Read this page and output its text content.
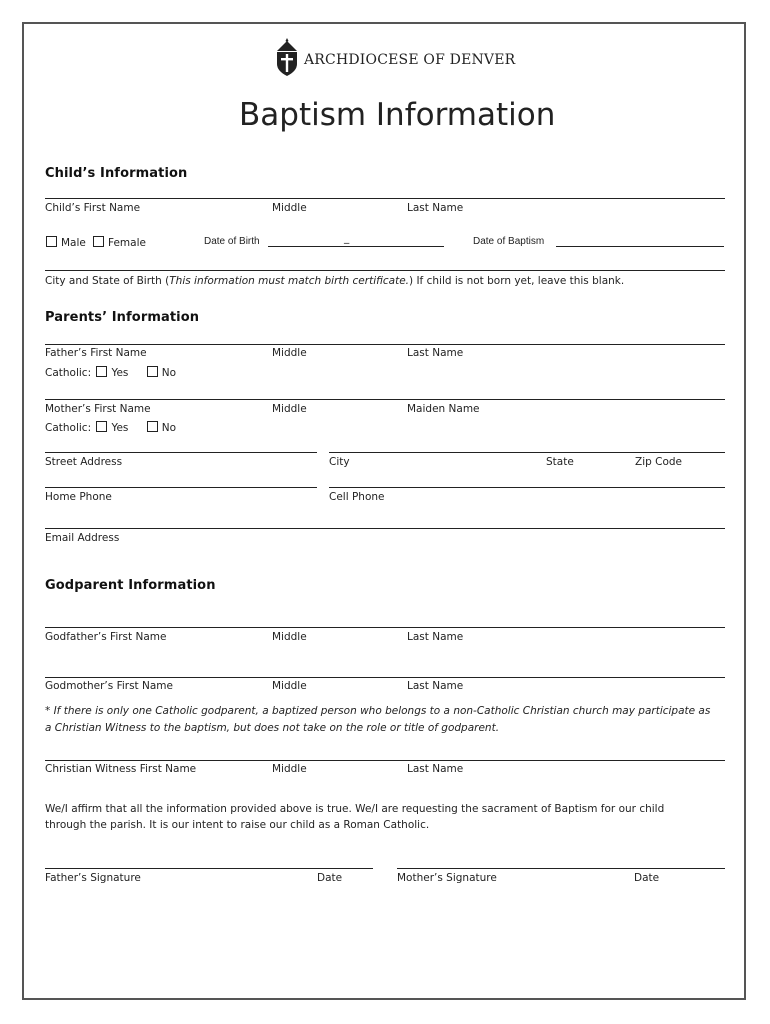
ARCHDIOCESE OF DENVER
Baptism Information
Child’s Information
Child’s First Name	Middle	Last Name
Male	Female	Date of Birth	_	Date of Baptism
City and State of Birth (This information must match birth certificate.) If child is not born yet, leave this blank.
Parents’ Information
Father’s First Name	Middle	Last Name
Catholic: Yes	No
Mother’s First Name	Middle	Maiden Name
Catholic: Yes	No
Street Address	City	State	Zip Code
Home Phone	Cell Phone
Email Address
Godparent Information
Godfather’s First Name	Middle	Last Name
Godmother’s First Name	Middle	Last Name
* If there is only one Catholic godparent, a baptized person who belongs to a non-Catholic Christian church may participate as a Christian Witness to the baptism, but does not take on the role or title of godparent.
Christian Witness First Name	Middle	Last Name
We/I affirm that all the information provided above is true. We/I are requesting the sacrament of Baptism for our child through the parish. It is our intent to raise our child as a Roman Catholic.
Father’s Signature	Date	Mother’s Signature	Date
